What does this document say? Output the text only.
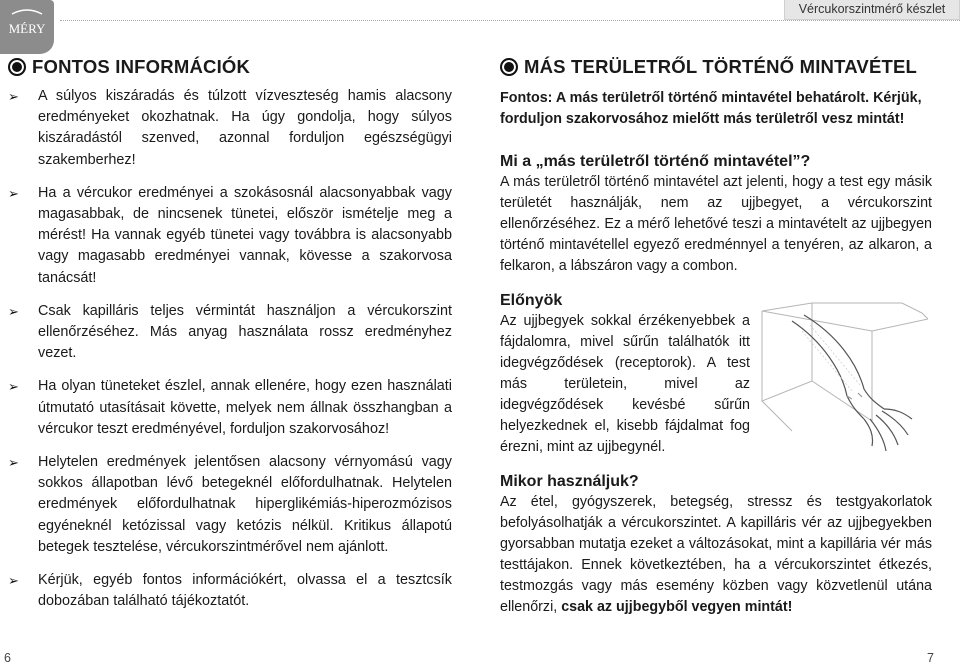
MÉRY
Vércukorszintmérő készlet
FONTOS INFORMÁCIÓK
➢	A súlyos kiszáradás és túlzott vízveszteség hamis alacsony eredményeket okozhatnak. Ha úgy gondolja, hogy súlyos kiszáradástól szenved, azonnal forduljon egészségügyi szakemberhez!
➢	Ha a vércukor eredményei a szokásosnál alacsonyabbak vagy magasabbak, de nincsenek tünetei, először ismételje meg a mérést! Ha vannak egyéb tünetei vagy továbbra is alacsonyabb vagy magasabb eredményei vannak, kövesse a szakorvosa tanácsát!
➢	Csak kapilláris teljes vérmintát használjon a vércukorszint ellenőrzéséhez. Más anyag használata rossz eredményhez vezet.
➢	Ha olyan tüneteket észlel, annak ellenére, hogy ezen használati útmutató utasításait követte, melyek nem állnak összhangban a vércukor teszt eredményével, forduljon szakorvosához!
➢	Helytelen eredmények jelentősen alacsony vérnyomású vagy sokkos állapotban lévő betegeknél előfordulhatnak. Helytelen eredmények előfordulhatnak hiperglikémiás-hiperozmózisos egyéneknél ketózissal vagy ketózis nélkül. Kritikus állapotú betegek tesztelése, vércukorszintmérővel nem ajánlott.
➢	Kérjük, egyéb fontos információkért, olvassa el a tesztcsík dobozában található tájékoztatót.
MÁS TERÜLETRŐL TÖRTÉNŐ MINTAVÉTEL

Fontos: A más területről történő mintavétel behatárolt. Kérjük, forduljon szakorvosához mielőtt más területről vesz mintát!

Mi a „más területről történő mintavétel”?

A más területről történő mintavétel azt jelenti, hogy a test egy másik területét használják, nem az ujjbegyet, a vércukorszint ellenőrzéséhez. Ez a mérő lehetővé teszi a mintavételt az ujjbegyen történő mintavétellel egyező eredménnyel a tenyéren, az alkaron, a felkaron, a lábszáron vagy a combon.

Előnyök

Az ujjbegyek sokkal érzékenyebbek a fájdalomra, mivel sűrűn találhatók itt idegvégződések (receptorok). A test más területein, mivel az idegvégződések kevésbé sűrűn helyezkednek el, kisebb fájdalmat fog érezni, mint az ujjbegynél.

Mikor használjuk?

Az étel, gyógyszerek, betegség, stressz és testgyakorlatok befolyásolhatják a vércukorszintet. A kapilláris vér az ujjbegyekben gyorsabban mutatja ezeket a változásokat, mint a kapillária vér más testtájakon. Ennek következtében, ha a vércukorszintet étkezés, testmozgás vagy más esemény közben vagy közvetlenül utána ellenőrzi, csak az ujjbegyből vegyen mintát!

6	7
